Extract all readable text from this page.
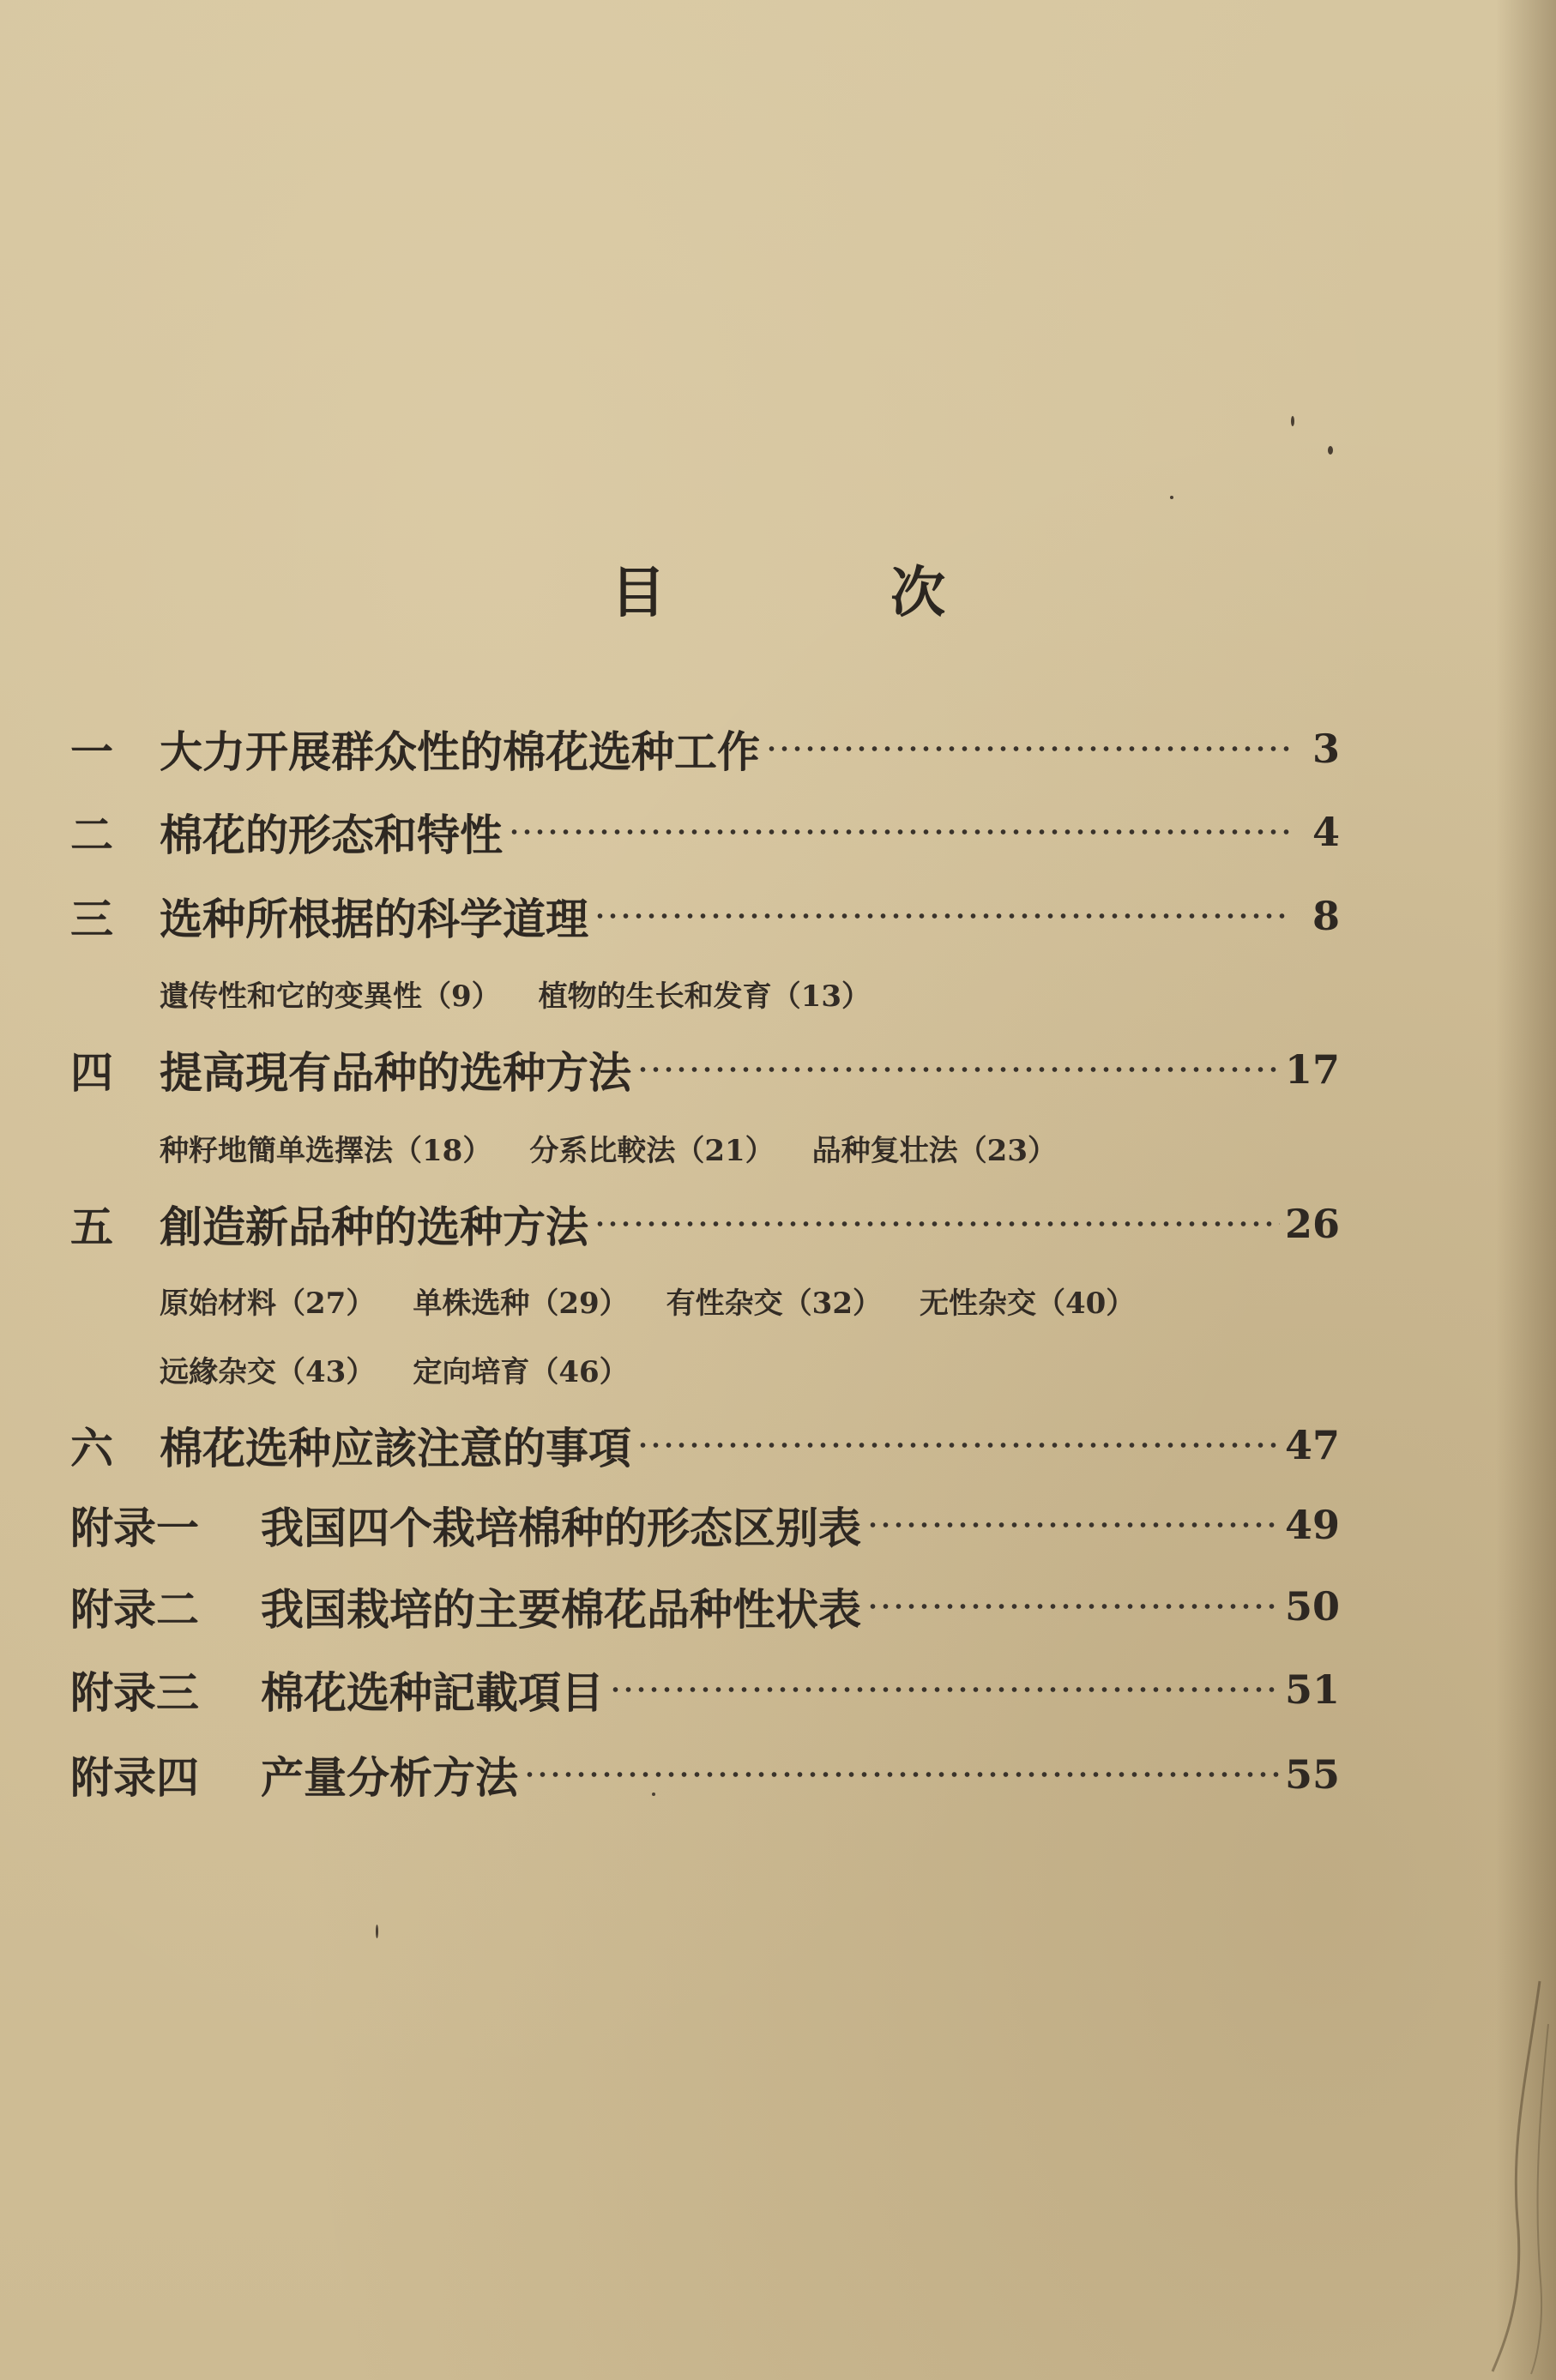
目 次
一	大力开展群众性的棉花选种工作	3
二	棉花的形态和特性	4
三	选种所根据的科学道理	8
遺传性和它的变異性（9） 植物的生长和发育（13）
四	提高現有品种的选种方法	17
种籽地簡单选擇法（18） 分系比較法（21） 品种复壮法（23）
五	創造新品种的选种方法	26
原始材料（27） 单株选种（29） 有性杂交（32） 无性杂交（40）
远緣杂交（43） 定向培育（46）
六	棉花选种应該注意的事項	47
附录一	我国四个栽培棉种的形态区别表	49
附录二	我国栽培的主要棉花品种性状表	50
附录三	棉花选种記載項目	51
附录四	产量分析方法	55
